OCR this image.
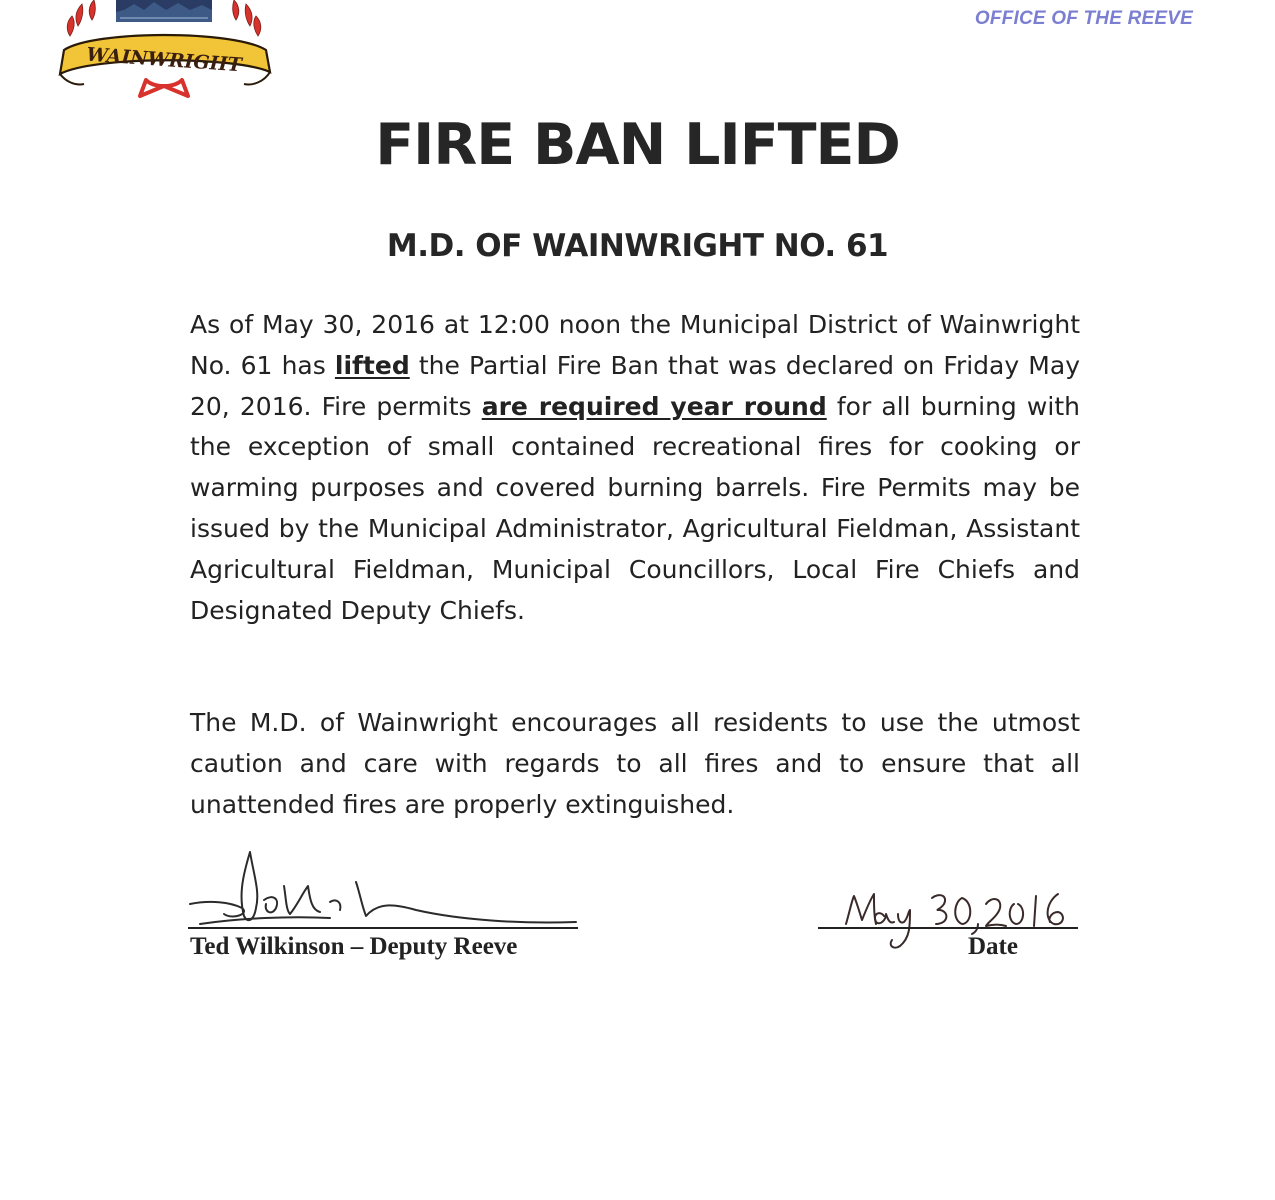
WAINWRIGHT
OFFICE OF THE REEVE
FIRE BAN LIFTED
M.D. OF WAINWRIGHT NO. 61

As of May 30, 2016 at 12:00 noon the Municipal District of Wainwright No. 61 has lifted the Partial Fire Ban that was declared on Friday May 20, 2016. Fire permits are required year round for all burning with the exception of small contained recreational fires for cooking or warming purposes and covered burning barrels. Fire Permits may be issued by the Municipal Administrator, Agricultural Fieldman, Assistant Agricultural Fieldman, Municipal Councillors, Local Fire Chiefs and Designated Deputy Chiefs.

The M.D. of Wainwright encourages all residents to use the utmost caution and care with regards to all fires and to ensure that all unattended fires are properly extinguished.

Ted Wilkinson – Deputy Reeve	Date
